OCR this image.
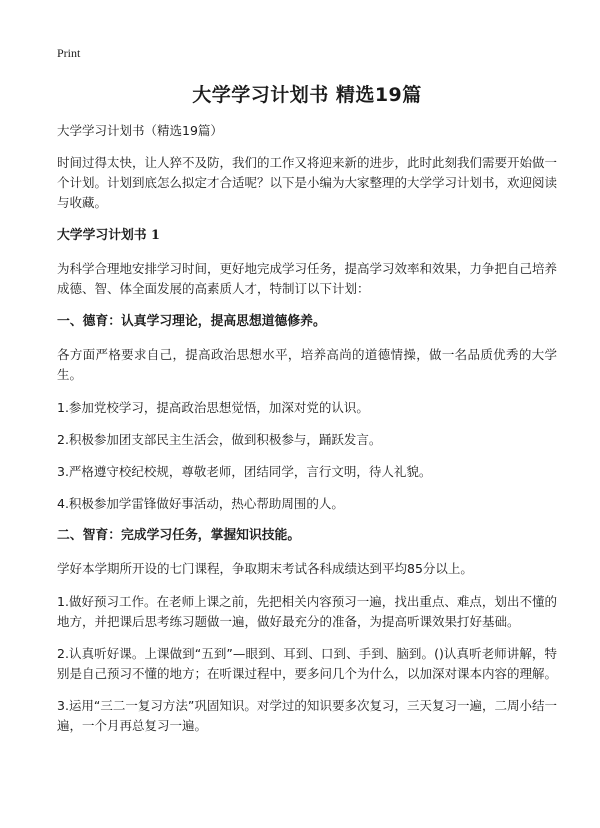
Print
大学学习计划书 精选19篇
大学学习计划书（精选19篇）

时间过得太快，让人猝不及防，我们的工作又将迎来新的进步，此时此刻我们需要开始做一个计划。计划到底怎么拟定才合适呢？以下是小编为大家整理的大学学习计划书，欢迎阅读与收藏。

大学学习计划书 1

为科学合理地安排学习时间，更好地完成学习任务，提高学习效率和效果，力争把自己培养成德、智、体全面发展的高素质人才，特制订以下计划：

一、德育：认真学习理论，提高思想道德修养。

各方面严格要求自己，提高政治思想水平，培养高尚的道德情操，做一名品质优秀的大学生。

1.参加党校学习，提高政治思想觉悟，加深对党的认识。

2.积极参加团支部民主生活会，做到积极参与，踊跃发言。

3.严格遵守校纪校规，尊敬老师，团结同学，言行文明，待人礼貌。

4.积极参加学雷锋做好事活动，热心帮助周围的人。

二、智育：完成学习任务，掌握知识技能。

学好本学期所开设的七门课程，争取期末考试各科成绩达到平均85分以上。

1.做好预习工作。在老师上课之前，先把相关内容预习一遍，找出重点、难点，划出不懂的地方，并把课后思考练习题做一遍，做好最充分的准备，为提高听课效果打好基础。

2.认真听好课。上课做到“五到”—眼到、耳到、口到、手到、脑到。()认真听老师讲解，特别是自己预习不懂的地方；在听课过程中，要多问几个为什么，以加深对课本内容的理解。

3.运用“三二一复习方法”巩固知识。对学过的知识要多次复习，三天复习一遍，二周小结一遍，一个月再总复习一遍。
